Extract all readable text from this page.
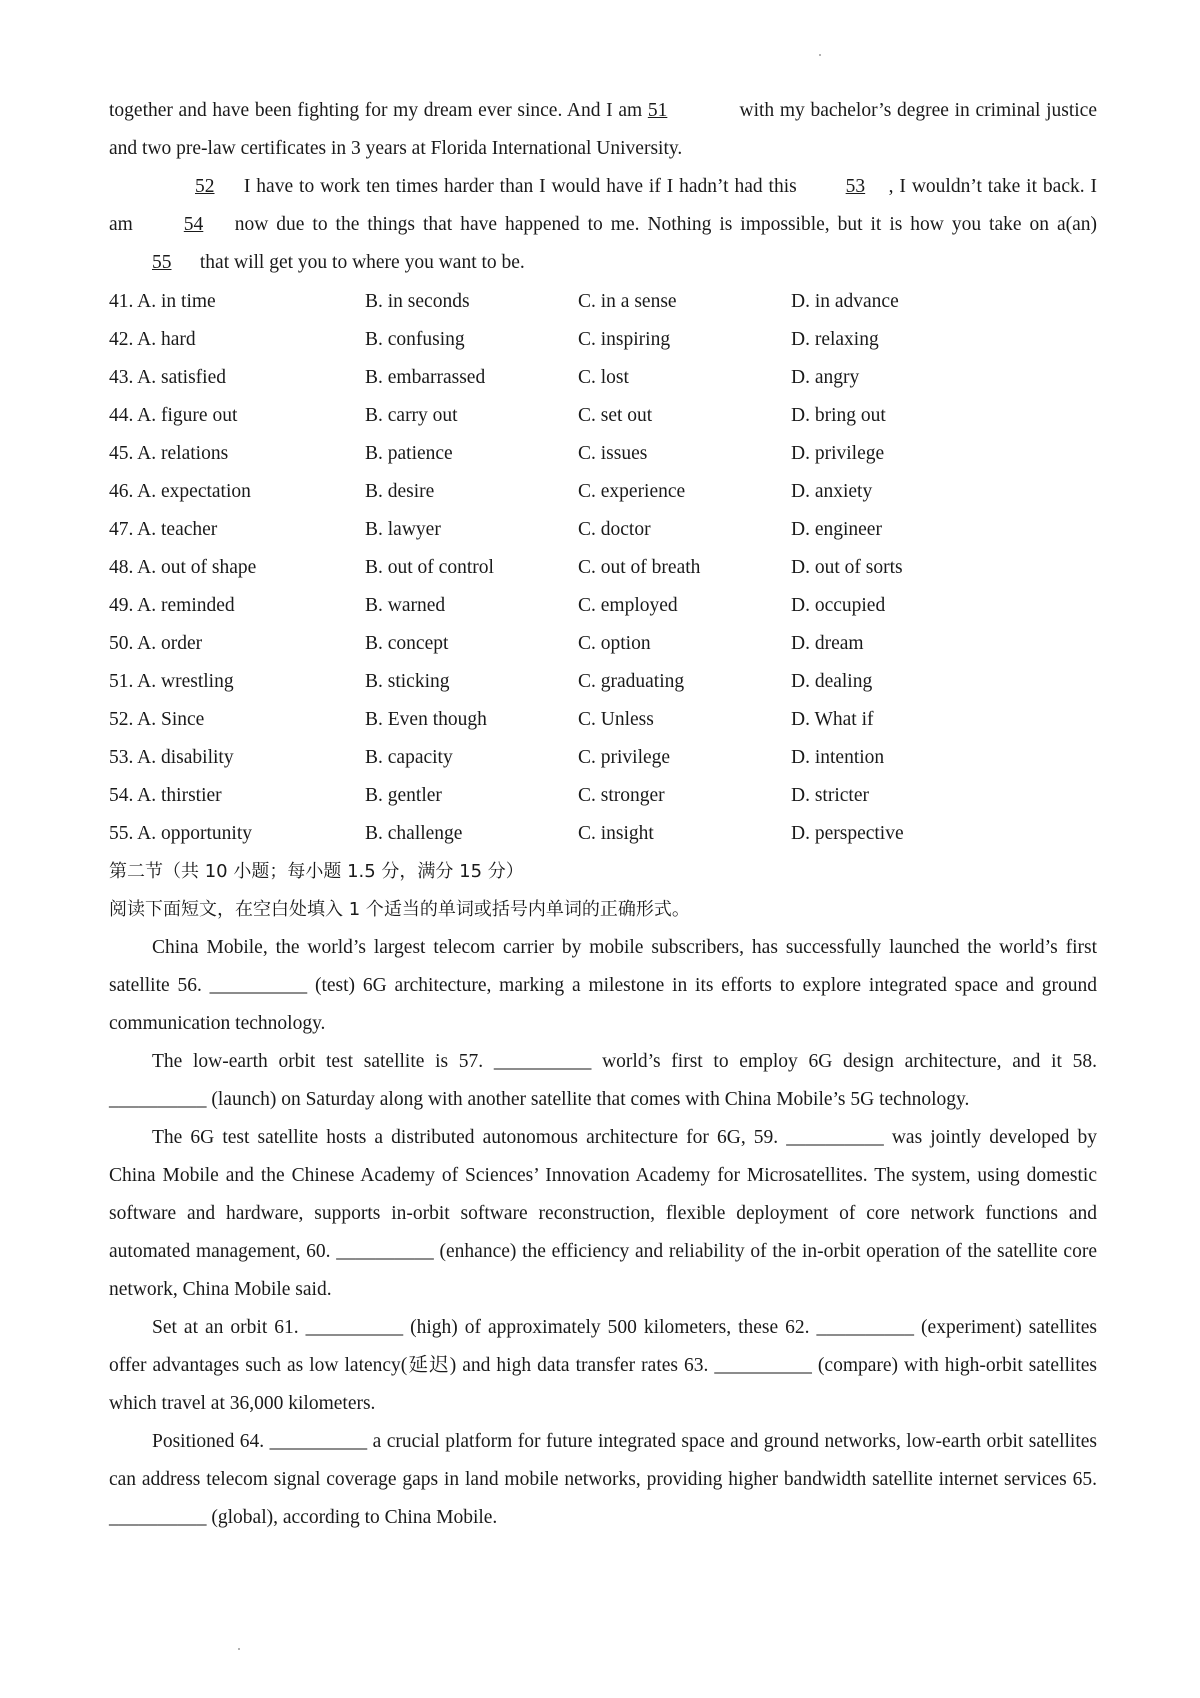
together and have been fighting for my dream ever since. And I am 51	with my bachelor’s degree in criminal justice and two pre-law certificates in 3 years at Florida International University.

52 I have to work ten times harder than I would have if I hadn’t had this 53 , I wouldn’t take it back. I am 54 now due to the things that have happened to me. Nothing is impossible, but it is how you take on a(an) 55 that will get you to where you want to be.

41. A. in time	B. in seconds	C. in a sense	D. in advance
42. A. hard	B. confusing	C. inspiring	D. relaxing
43. A. satisfied	B. embarrassed	C. lost	D. angry
44. A. figure out	B. carry out	C. set out	D. bring out
45. A. relations	B. patience	C. issues	D. privilege
46. A. expectation	B. desire	C. experience	D. anxiety
47. A. teacher	B. lawyer	C. doctor	D. engineer
48. A. out of shape	B. out of control	C. out of breath	D. out of sorts
49. A. reminded	B. warned	C. employed	D. occupied
50. A. order	B. concept	C. option	D. dream
51. A. wrestling	B. sticking	C. graduating	D. dealing
52. A. Since	B. Even though	C. Unless	D. What if
53. A. disability	B. capacity	C. privilege	D. intention
54. A. thirstier	B. gentler	C. stronger	D. stricter
55. A. opportunity	B. challenge	C. insight	D. perspective

第二节（共 10 小题；每小题 1.5 分，满分 15 分）

阅读下面短文，在空白处填入 1 个适当的单词或括号内单词的正确形式。

China Mobile, the world’s largest telecom carrier by mobile subscribers, has successfully launched the world’s first satellite 56. __________ (test) 6G architecture, marking a milestone in its efforts to explore integrated space and ground communication technology.

The low-earth orbit test satellite is 57. __________ world’s first to employ 6G design architecture, and it 58. __________ (launch) on Saturday along with another satellite that comes with China Mobile’s 5G technology.

The 6G test satellite hosts a distributed autonomous architecture for 6G, 59. __________ was jointly developed by China Mobile and the Chinese Academy of Sciences’ Innovation Academy for Microsatellites. The system, using domestic software and hardware, supports in-orbit software reconstruction, flexible deployment of core network functions and automated management, 60. __________ (enhance) the efficiency and reliability of the in-orbit operation of the satellite core network, China Mobile said.

Set at an orbit 61. __________ (high) of approximately 500 kilometers, these 62. __________ (experiment) satellites offer advantages such as low latency(延迟) and high data transfer rates 63. __________ (compare) with high-orbit satellites which travel at 36,000 kilometers.

Positioned 64. __________ a crucial platform for future integrated space and ground networks, low-earth orbit satellites can address telecom signal coverage gaps in land mobile networks, providing higher bandwidth satellite internet services 65. __________ (global), according to China Mobile.
